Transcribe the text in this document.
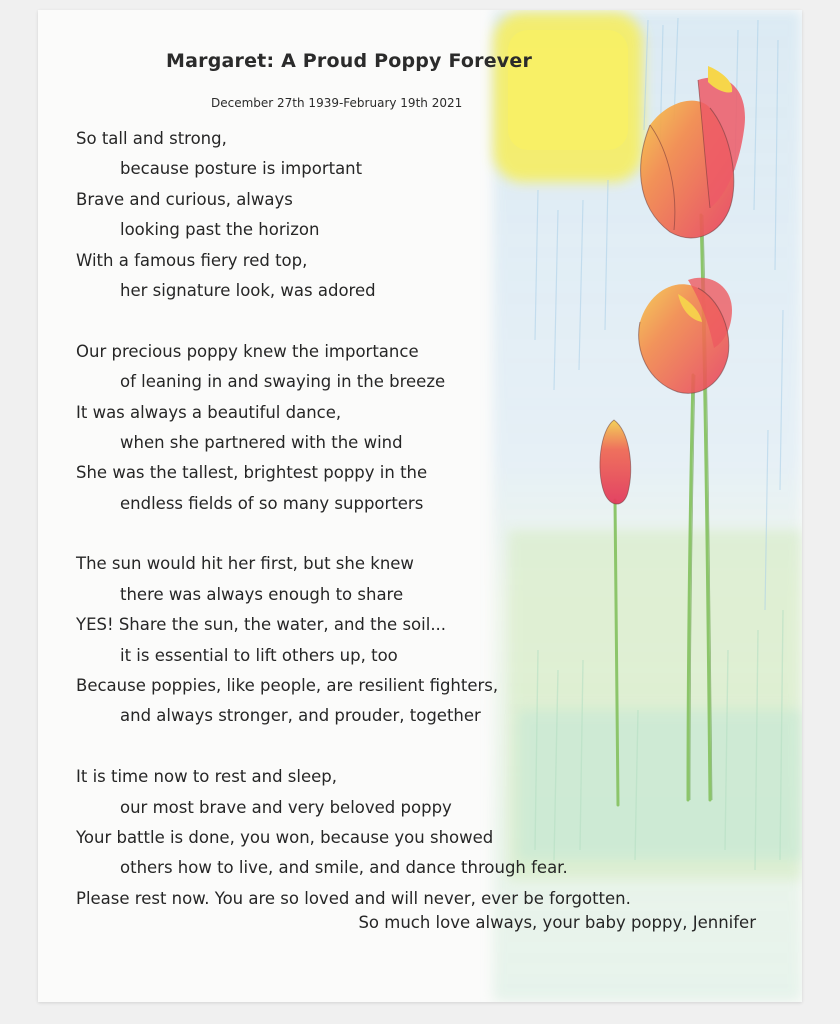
Margaret: A Proud Poppy Forever
December 27th 1939-February 19th 2021
So tall and strong,
because posture is important
Brave and curious, always
looking past the horizon
With a famous fiery red top,
her signature look, was adored
Our precious poppy knew the importance
of leaning in and swaying in the breeze
It was always a beautiful dance,
when she partnered with the wind
She was the tallest, brightest poppy in the
endless fields of so many supporters
The sun would hit her first, but she knew
there was always enough to share
YES! Share the sun, the water, and the soil...
it is essential to lift others up, too
Because poppies, like people, are resilient fighters,
and always stronger, and prouder, together
It is time now to rest and sleep,
our most brave and very beloved poppy
Your battle is done, you won, because you showed
others how to live, and smile, and dance through fear.
Please rest now. You are so loved and will never, ever be forgotten.
So much love always, your baby poppy, Jennifer
